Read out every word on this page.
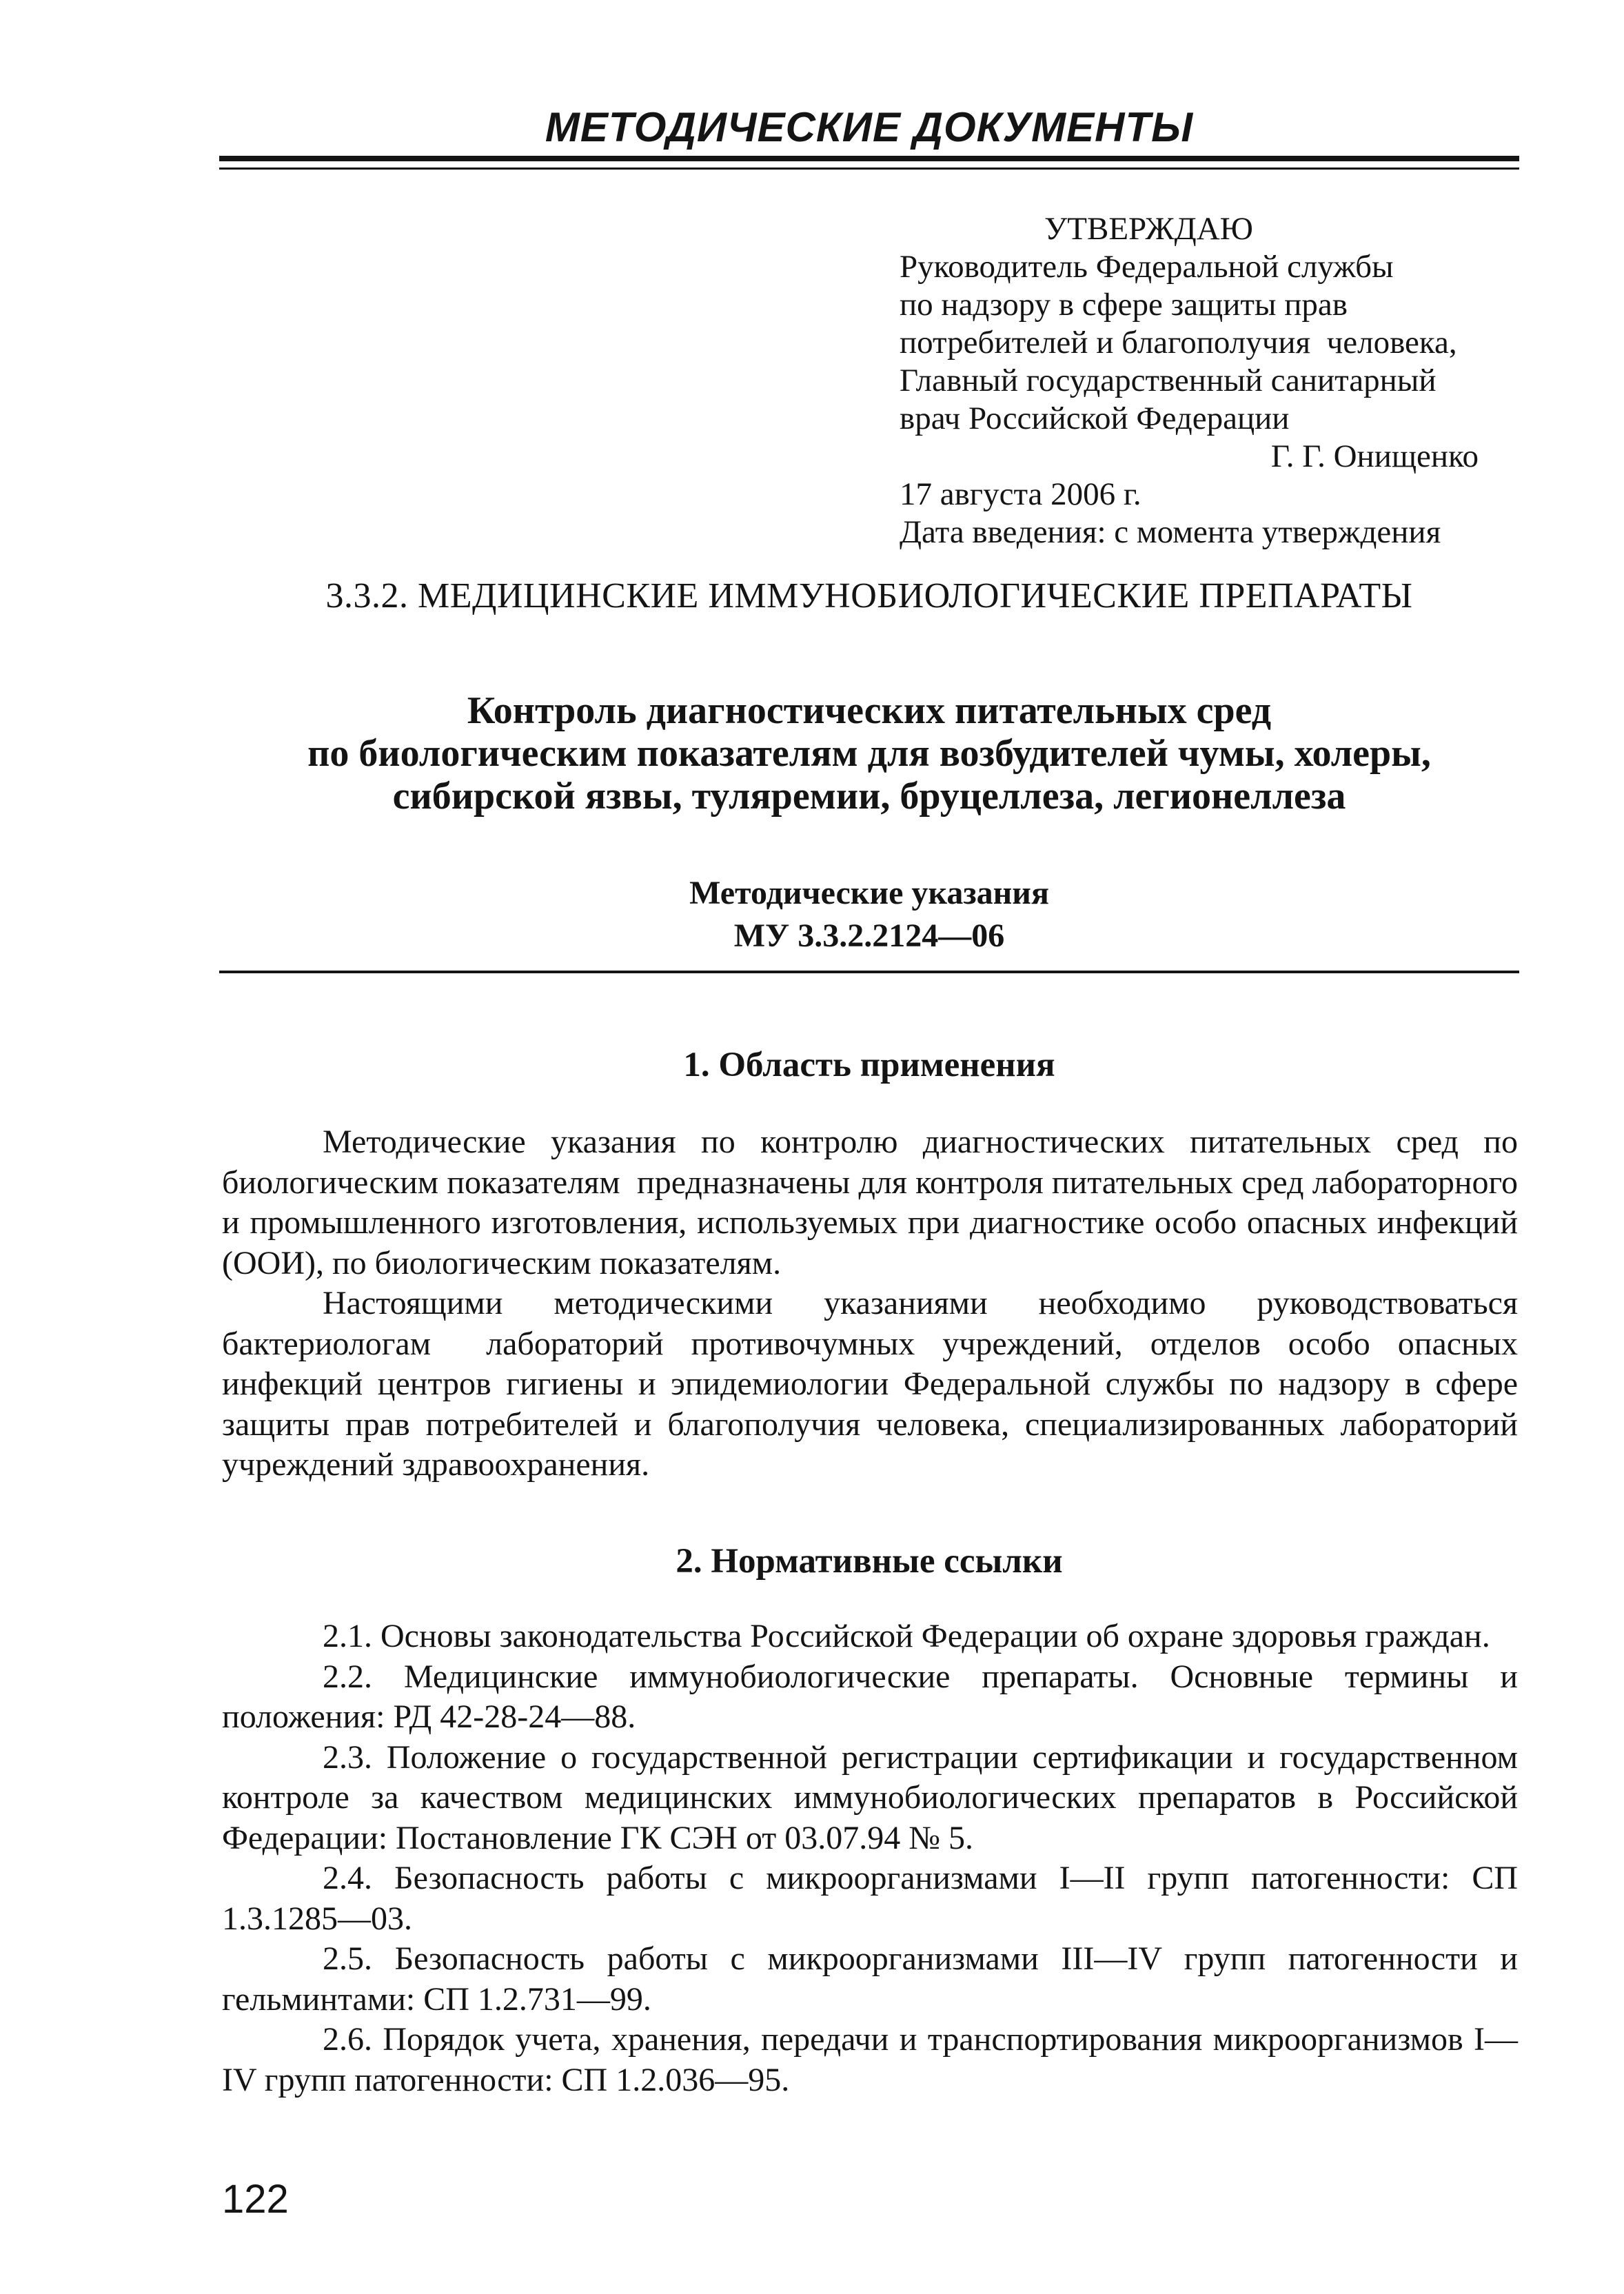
МЕТОДИЧЕСКИЕ ДОКУМЕНТЫ
УТВЕРЖДАЮ
Руководитель Федеральной службы
по надзору в сфере защиты прав
потребителей и благополучия  человека,
Главный государственный санитарный
врач Российской Федерации
Г. Г. Онищенко
17 августа 2006 г.
Дата введения: с момента утверждения
3.3.2. МЕДИЦИНСКИЕ ИММУНОБИОЛОГИЧЕСКИЕ ПРЕПАРАТЫ
Контроль диагностических питательных сред
по биологическим показателям для возбудителей чумы, холеры,
сибирской язвы, туляремии, бруцеллеза, легионеллеза
Методические указания
МУ 3.3.2.2124—06
1. Область применения

Методические указания по контролю диагностических питательных сред по биологическим показателям  предназначены для контроля питательных сред лабораторного и промышленного изготовления, используемых при диагностике особо опасных инфекций (ООИ), по биологическим показателям.

Настоящими методическими указаниями необходимо руководствоваться бактериологам  лабораторий противочумных учреждений, отделов особо опасных инфекций центров гигиены и эпидемиологии Федеральной службы по надзору в сфере защиты прав потребителей и благополучия человека, специализированных лабораторий учреждений здравоохранения.

2. Нормативные ссылки

2.1. Основы законодательства Российской Федерации об охране здоровья граждан.

2.2. Медицинские иммунобиологические препараты. Основные термины и положения: РД 42-28-24—88.

2.3. Положение о государственной регистрации сертификации и государственном контроле за качеством медицинских иммунобиологических препаратов в Российской Федерации: Постановление ГК СЭН от 03.07.94 № 5.

2.4. Безопасность работы с микроорганизмами I—II групп патогенности: СП 1.3.1285—03.

2.5. Безопасность работы с микроорганизмами III—IV групп патогенности и гельминтами: СП 1.2.731—99.

2.6. Порядок учета, хранения, передачи и транспортирования микроорганизмов I—IV групп патогенности: СП 1.2.036—95.

122
